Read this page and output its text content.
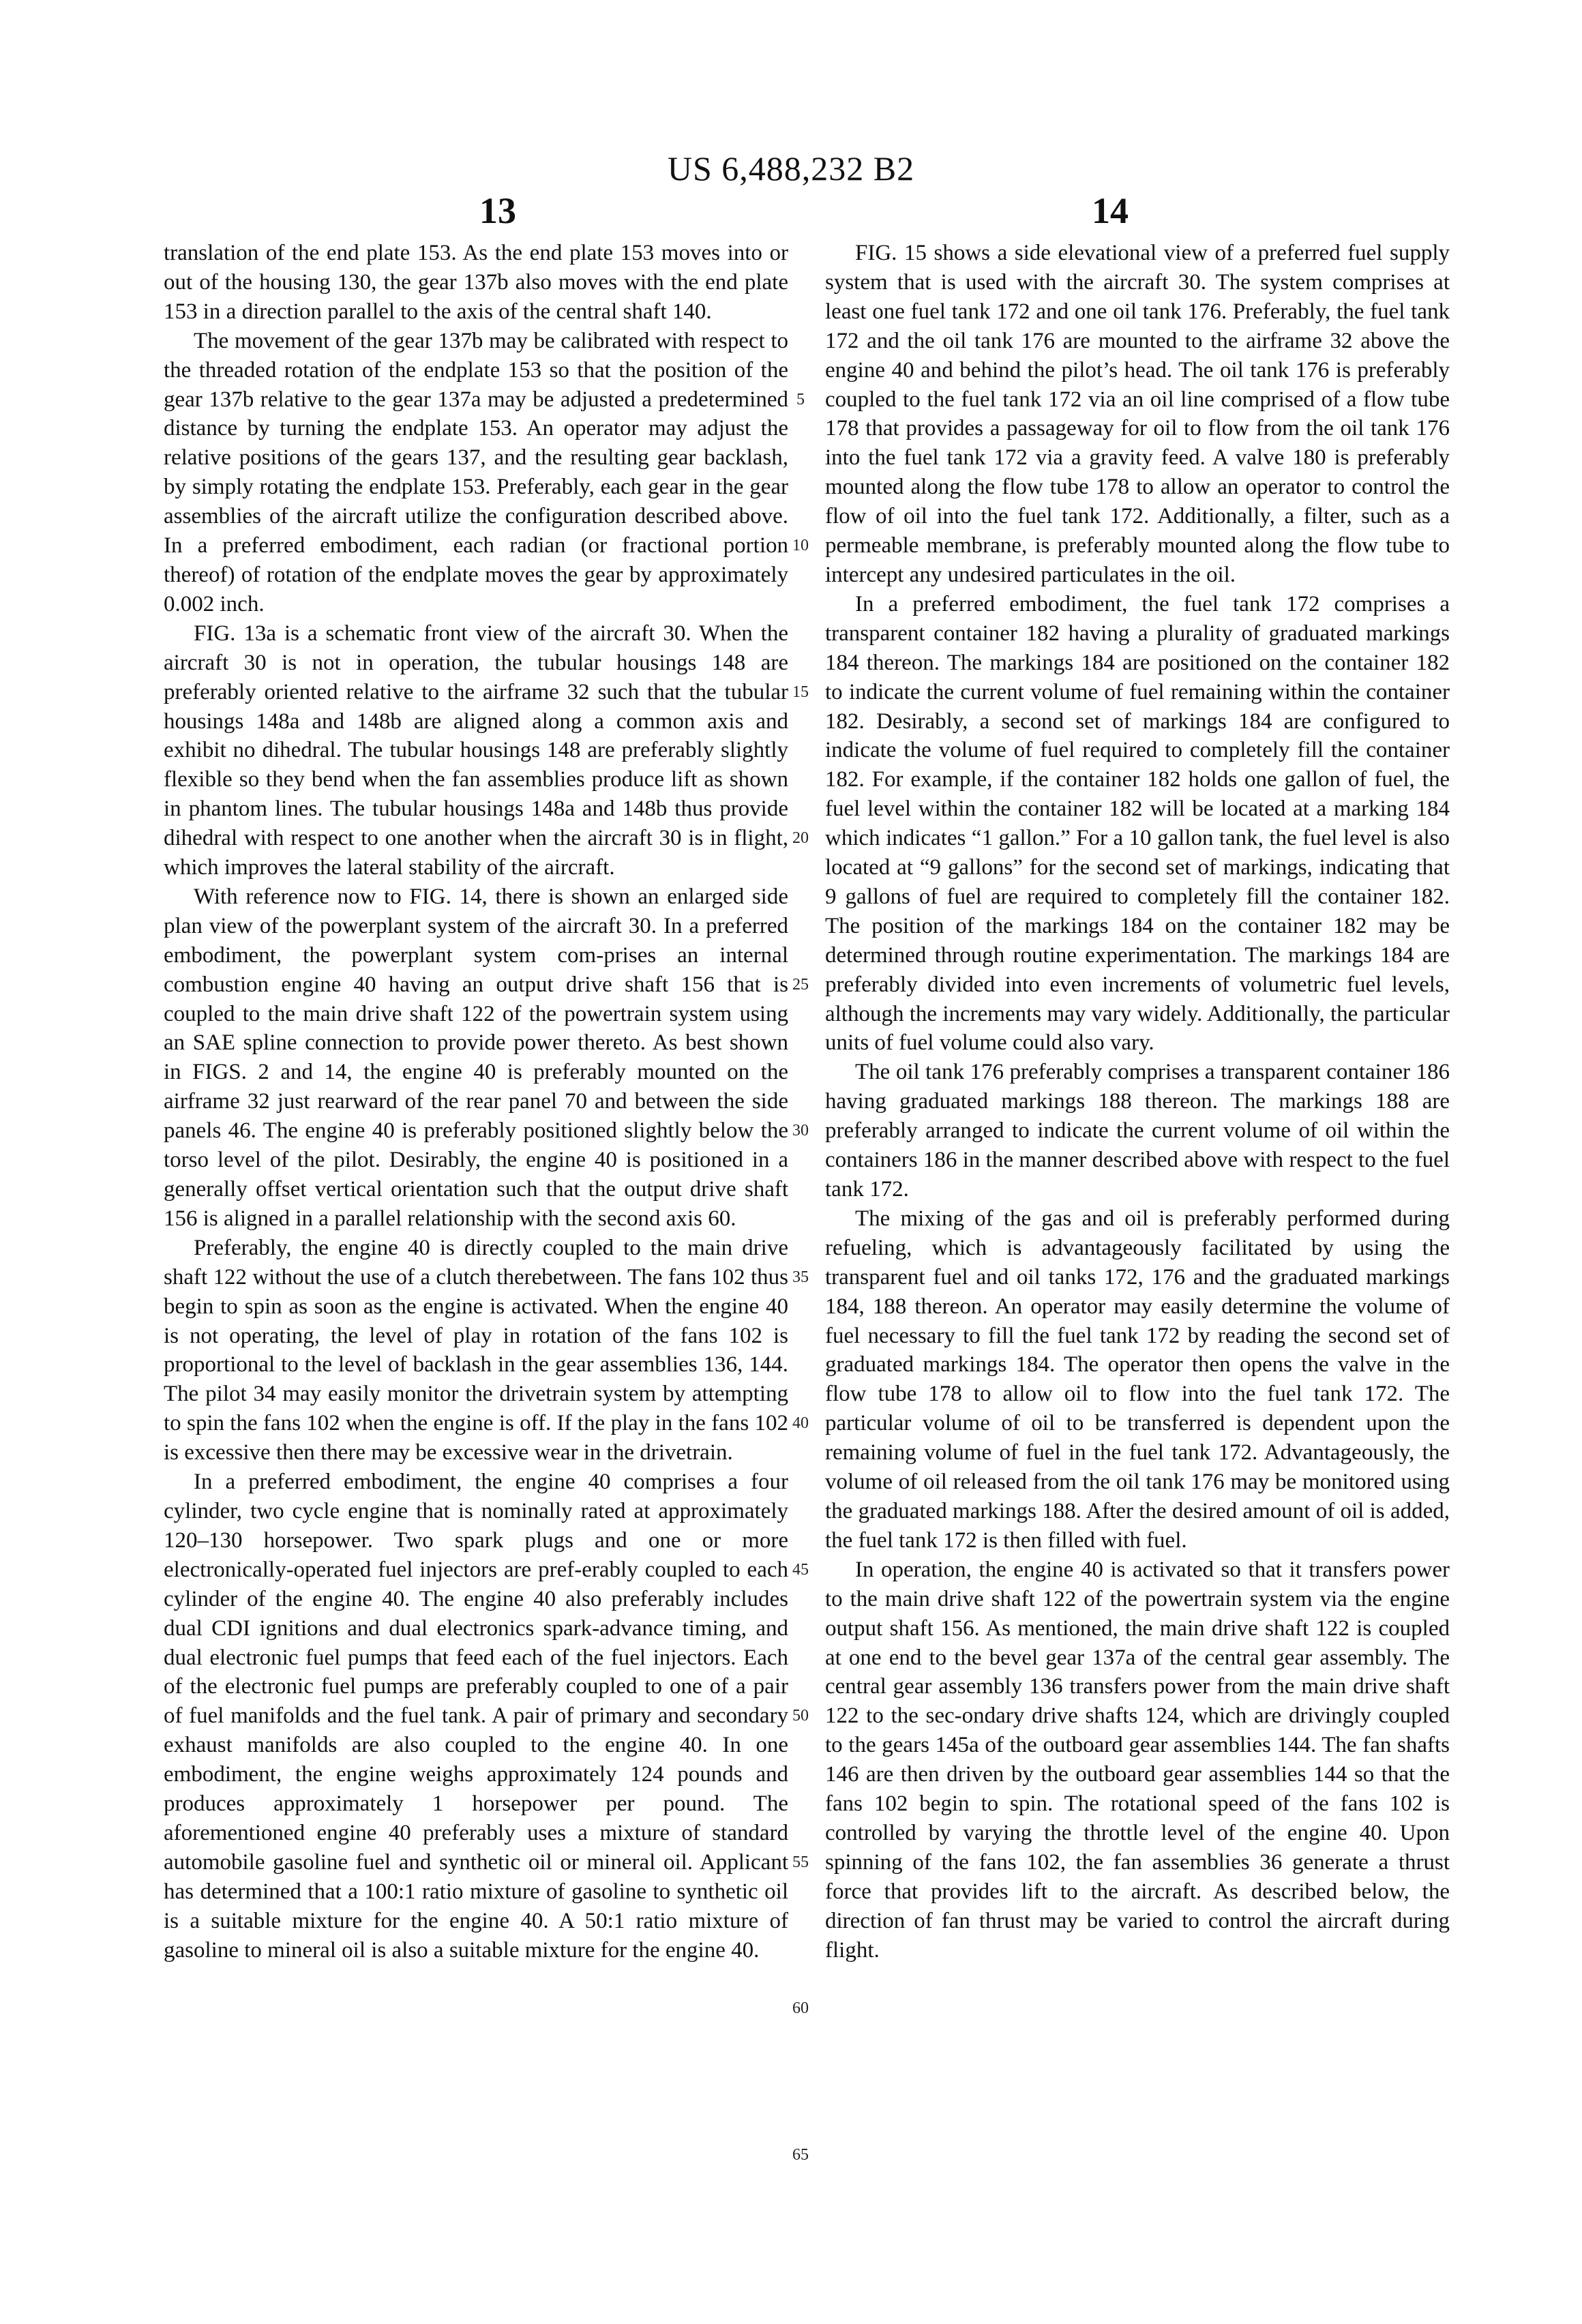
US 6,488,232 B2
13	14

translation of the end plate 153. As the end plate 153 moves into or out of the housing 130, the gear 137b also moves with the end plate 153 in a direction parallel to the axis of the central shaft 140.

The movement of the gear 137b may be calibrated with respect to the threaded rotation of the endplate 153 so that the position of the gear 137b relative to the gear 137a may be adjusted a predetermined distance by turning the endplate 153. An operator may adjust the relative positions of the gears 137, and the resulting gear backlash, by simply rotating the endplate 153. Preferably, each gear in the gear assemblies of the aircraft utilize the configuration described above. In a preferred embodiment, each radian (or fractional portion thereof) of rotation of the endplate moves the gear by approximately 0.002 inch.

FIG. 13a is a schematic front view of the aircraft 30. When the aircraft 30 is not in operation, the tubular housings 148 are preferably oriented relative to the airframe 32 such that the tubular housings 148a and 148b are aligned along a common axis and exhibit no dihedral. The tubular housings 148 are preferably slightly flexible so they bend when the fan assemblies produce lift as shown in phantom lines. The tubular housings 148a and 148b thus provide dihedral with respect to one another when the aircraft 30 is in flight, which improves the lateral stability of the aircraft.

With reference now to FIG. 14, there is shown an enlarged side plan view of the powerplant system of the aircraft 30. In a preferred embodiment, the powerplant system com-prises an internal combustion engine 40 having an output drive shaft 156 that is coupled to the main drive shaft 122 of the powertrain system using an SAE spline connection to provide power thereto. As best shown in FIGS. 2 and 14, the engine 40 is preferably mounted on the airframe 32 just rearward of the rear panel 70 and between the side panels 46. The engine 40 is preferably positioned slightly below the torso level of the pilot. Desirably, the engine 40 is positioned in a generally offset vertical orientation such that the output drive shaft 156 is aligned in a parallel relationship with the second axis 60.

Preferably, the engine 40 is directly coupled to the main drive shaft 122 without the use of a clutch therebetween. The fans 102 thus begin to spin as soon as the engine is activated. When the engine 40 is not operating, the level of play in rotation of the fans 102 is proportional to the level of backlash in the gear assemblies 136, 144. The pilot 34 may easily monitor the drivetrain system by attempting to spin the fans 102 when the engine is off. If the play in the fans 102 is excessive then there may be excessive wear in the drivetrain.

In a preferred embodiment, the engine 40 comprises a four cylinder, two cycle engine that is nominally rated at approximately 120–130 horsepower. Two spark plugs and one or more electronically-operated fuel injectors are pref-erably coupled to each cylinder of the engine 40. The engine 40 also preferably includes dual CDI ignitions and dual electronics spark-advance timing, and dual electronic fuel pumps that feed each of the fuel injectors. Each of the electronic fuel pumps are preferably coupled to one of a pair of fuel manifolds and the fuel tank. A pair of primary and secondary exhaust manifolds are also coupled to the engine 40. In one embodiment, the engine weighs approximately 124 pounds and produces approximately 1 horsepower per pound. The aforementioned engine 40 preferably uses a mixture of standard automobile gasoline fuel and synthetic oil or mineral oil. Applicant has determined that a 100:1 ratio mixture of gasoline to synthetic oil is a suitable mixture for the engine 40. A 50:1 ratio mixture of gasoline to mineral oil is also a suitable mixture for the engine 40.

5
10
15
20
25
30
35
40
45
50
55
60
65

FIG. 15 shows a side elevational view of a preferred fuel supply system that is used with the aircraft 30. The system comprises at least one fuel tank 172 and one oil tank 176. Preferably, the fuel tank 172 and the oil tank 176 are mounted to the airframe 32 above the engine 40 and behind the pilot’s head. The oil tank 176 is preferably coupled to the fuel tank 172 via an oil line comprised of a flow tube 178 that provides a passageway for oil to flow from the oil tank 176 into the fuel tank 172 via a gravity feed. A valve 180 is preferably mounted along the flow tube 178 to allow an operator to control the flow of oil into the fuel tank 172. Additionally, a filter, such as a permeable membrane, is preferably mounted along the flow tube to intercept any undesired particulates in the oil.

In a preferred embodiment, the fuel tank 172 comprises a transparent container 182 having a plurality of graduated markings 184 thereon. The markings 184 are positioned on the container 182 to indicate the current volume of fuel remaining within the container 182. Desirably, a second set of markings 184 are configured to indicate the volume of fuel required to completely fill the container 182. For example, if the container 182 holds one gallon of fuel, the fuel level within the container 182 will be located at a marking 184 which indicates “1 gallon.” For a 10 gallon tank, the fuel level is also located at “9 gallons” for the second set of markings, indicating that 9 gallons of fuel are required to completely fill the container 182. The position of the markings 184 on the container 182 may be determined through routine experimentation. The markings 184 are preferably divided into even increments of volumetric fuel levels, although the increments may vary widely. Additionally, the particular units of fuel volume could also vary.

The oil tank 176 preferably comprises a transparent container 186 having graduated markings 188 thereon. The markings 188 are preferably arranged to indicate the current volume of oil within the containers 186 in the manner described above with respect to the fuel tank 172.

The mixing of the gas and oil is preferably performed during refueling, which is advantageously facilitated by using the transparent fuel and oil tanks 172, 176 and the graduated markings 184, 188 thereon. An operator may easily determine the volume of fuel necessary to fill the fuel tank 172 by reading the second set of graduated markings 184. The operator then opens the valve in the flow tube 178 to allow oil to flow into the fuel tank 172. The particular volume of oil to be transferred is dependent upon the remaining volume of fuel in the fuel tank 172. Advantageously, the volume of oil released from the oil tank 176 may be monitored using the graduated markings 188. After the desired amount of oil is added, the fuel tank 172 is then filled with fuel.

In operation, the engine 40 is activated so that it transfers power to the main drive shaft 122 of the powertrain system via the engine output shaft 156. As mentioned, the main drive shaft 122 is coupled at one end to the bevel gear 137a of the central gear assembly. The central gear assembly 136 transfers power from the main drive shaft 122 to the sec-ondary drive shafts 124, which are drivingly coupled to the gears 145a of the outboard gear assemblies 144. The fan shafts 146 are then driven by the outboard gear assemblies 144 so that the fans 102 begin to spin. The rotational speed of the fans 102 is controlled by varying the throttle level of the engine 40. Upon spinning of the fans 102, the fan assemblies 36 generate a thrust force that provides lift to the aircraft. As described below, the direction of fan thrust may be varied to control the aircraft during flight.
